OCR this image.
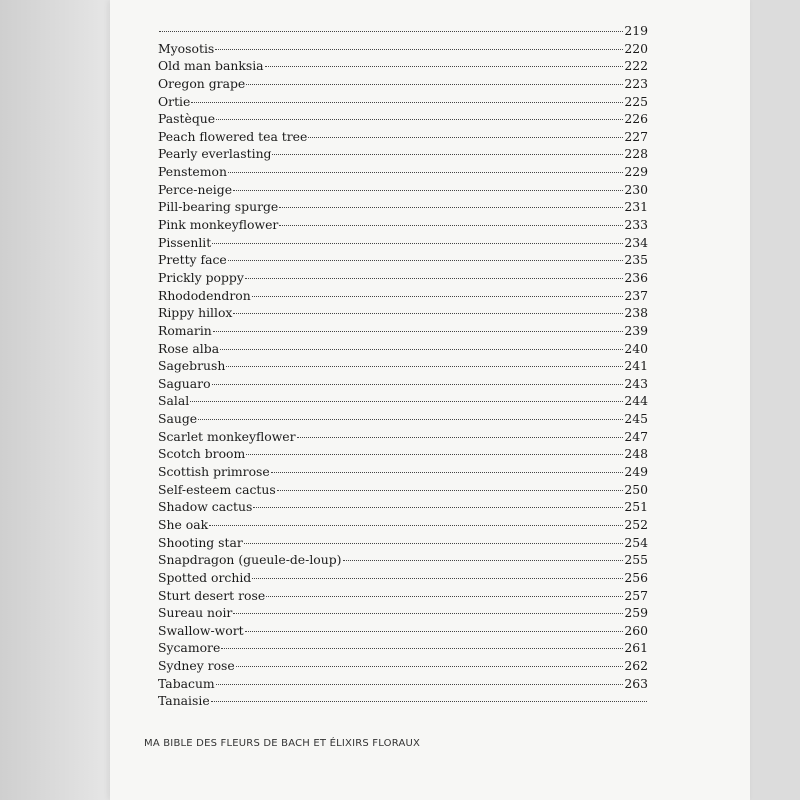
219
Myosotis	220
Old man banksia	222
Oregon grape	223
Ortie	225
Pastèque	226
Peach flowered tea tree	227
Pearly everlasting	228
Penstemon	229
Perce-neige	230
Pill-bearing spurge	231
Pink monkeyflower	233
Pissenlit	234
Pretty face	235
Prickly poppy	236
Rhododendron	237
Rippy hillox	238
Romarin	239
Rose alba	240
Sagebrush	241
Saguaro	243
Salal	244
Sauge	245
Scarlet monkeyflower	247
Scotch broom	248
Scottish primrose	249
Self-esteem cactus	250
Shadow cactus	251
She oak	252
Shooting star	254
Snapdragon (gueule-de-loup)	255
Spotted orchid	256
Sturt desert rose	257
Sureau noir	259
Swallow-wort	260
Sycamore	261
Sydney rose	262
Tabacum	263
Tanaisie
MA BIBLE DES FLEURS DE BACH ET ÉLIXIRS FLORAUX
